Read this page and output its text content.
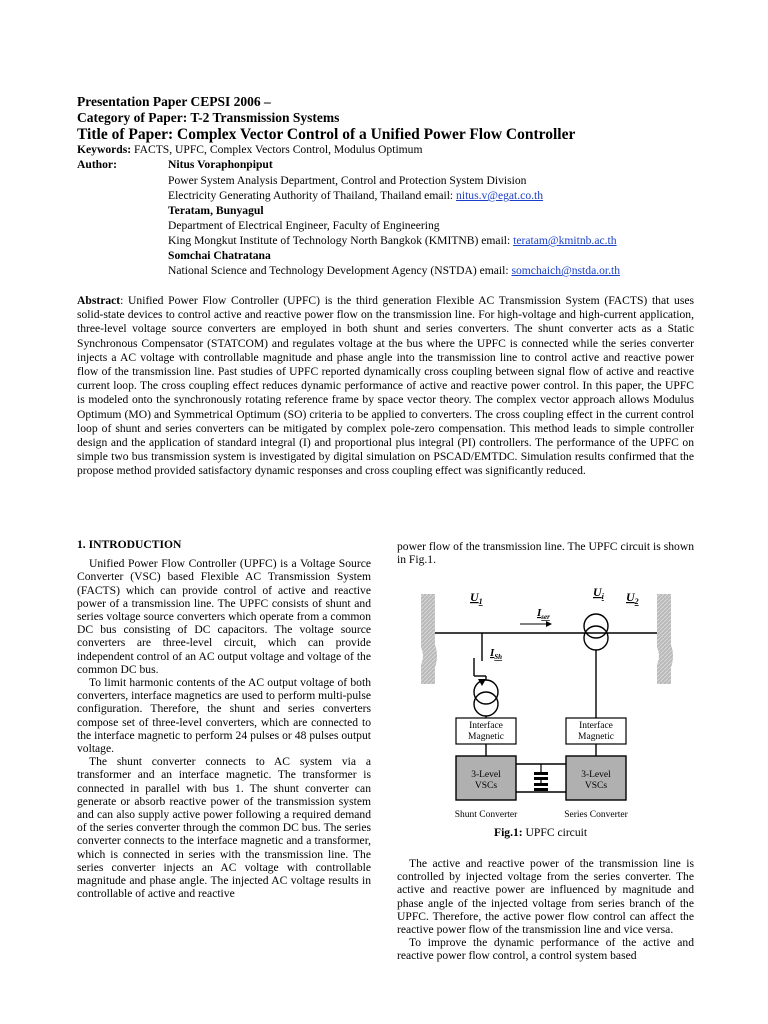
Presentation Paper CEPSI 2006 –
Category of Paper: T-2 Transmission Systems
Title of Paper: Complex Vector Control of a Unified Power Flow Controller
Keywords: FACTS, UPFC, Complex Vectors Control, Modulus Optimum
Author:	Nitus Voraphonpiput
Power System Analysis Department, Control and Protection System Division
Electricity Generating Authority of Thailand, Thailand email: nitus.v@egat.co.th
Teratam, Bunyagul
Department of Electrical Engineer, Faculty of Engineering
King Mongkut Institute of Technology North Bangkok (KMITNB) email: teratam@kmitnb.ac.th
Somchai Chatratana
National Science and Technology Development Agency (NSTDA) email: somchaich@nstda.or.th
Abstract: Unified Power Flow Controller (UPFC) is the third generation Flexible AC Transmission System (FACTS) that uses solid-state devices to control active and reactive power flow on the transmission line. For high-voltage and high-current application, three-level voltage source converters are employed in both shunt and series converters. The shunt converter acts as a Static Synchronous Compensator (STATCOM) and regulates voltage at the bus where the UPFC is connected while the series converter injects a AC voltage with controllable magnitude and phase angle into the transmission line to control active and reactive power flow of the transmission line. Past studies of UPFC reported dynamically cross coupling between signal flow of active and reactive current loop. The cross coupling effect reduces dynamic performance of active and reactive power control. In this paper, the UPFC is modeled onto the synchronously rotating reference frame by space vector theory. The complex vector approach allows Modulus Optimum (MO) and Symmetrical Optimum (SO) criteria to be applied to converters. The cross coupling effect in the current control loop of shunt and series converters can be mitigated by complex pole-zero compensation. This method leads to simple controller design and the application of standard integral (I) and proportional plus integral (PI) controllers. The performance of the UPFC on simple two bus transmission system is investigated by digital simulation on PSCAD/EMTDC. Simulation results confirmed that the propose method provided satisfactory dynamic responses and cross coupling effect was significantly reduced.
1. INTRODUCTION

Unified Power Flow Controller (UPFC) is a Voltage Source Converter (VSC) based Flexible AC Transmission System (FACTS) which can provide control of active and reactive power of a transmission line. The UPFC consists of shunt and series voltage source converters which operate from a common DC bus consisting of DC capacitors. The voltage source converters are three-level circuit, which can provide independent control of an AC output voltage and voltage of the common DC bus.

To limit harmonic contents of the AC output voltage of both converters, interface magnetics are used to perform multi-pulse configuration. Therefore, the shunt and series converters compose set of three-level converters, which are connected to the interface magnetic to perform 24 pulses or 48 pulses output voltage.

The shunt converter connects to AC system via a transformer and an interface magnetic. The transformer is connected in parallel with bus 1. The shunt converter can generate or absorb reactive power of the transmission system and can also supply active power following a required demand of the series converter through the common DC bus. The series converter connects to the interface magnetic and a transformer, which is connected in series with the transmission line. The series converter injects an AC voltage with controllable magnitude and phase angle. The injected AC voltage results in controllable of active and reactive

power flow of the transmission line. The UPFC circuit is shown in Fig.1.

$U_1$	$U_2$
$U_i$
$I_{ser}$
$I_{Sh}$
Interface
Magnetic
Interface
Magnetic
3-Level
VSCs
3-Level
VSCs
Shunt Converter	Series Converter
Fig.1: UPFC circuit

The active and reactive power of the transmission line is controlled by injected voltage from the series converter. The active and reactive power are influenced by magnitude and phase angle of the injected voltage from series branch of the UPFC. Therefore, the active power flow control can affect the reactive power flow of the transmission line and vice versa.

To improve the dynamic performance of the active and reactive power flow control, a control system based
